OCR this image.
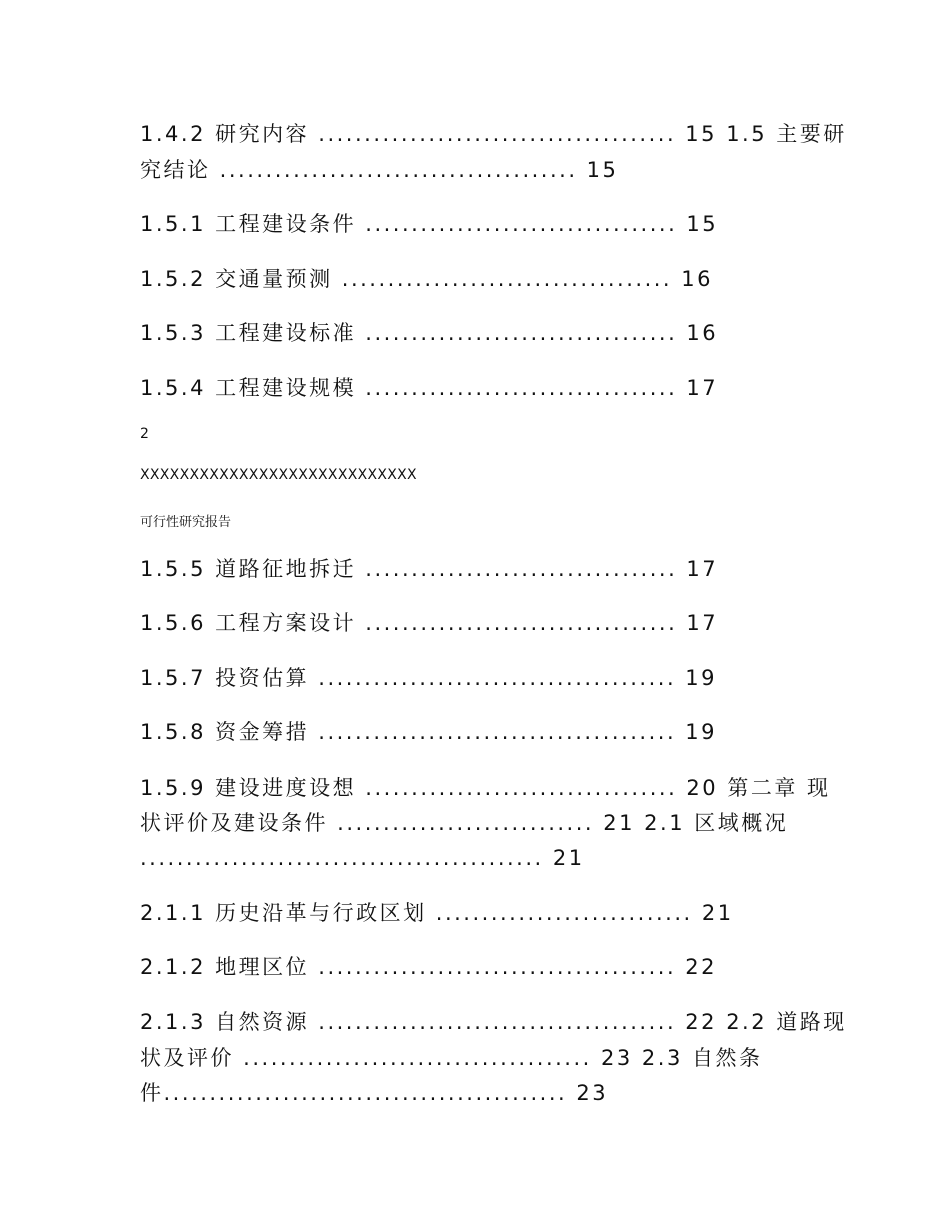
1.4.2 研究内容 ....................................... 15 1.5 主要研
究结论 ....................................... 15
1.5.1 工程建设条件 .................................. 15
1.5.2 交通量预测 .................................... 16
1.5.3 工程建设标准 .................................. 16
1.5.4 工程建设规模 .................................. 17
2
XXXXXXXXXXXXXXXXXXXXXXXXXXXX
可行性研究报告
1.5.5 道路征地拆迁 .................................. 17
1.5.6 工程方案设计 .................................. 17
1.5.7 投资估算 ....................................... 19
1.5.8 资金筹措 ....................................... 19
1.5.9 建设进度设想 .................................. 20 第二章 现
状评价及建设条件 ............................ 21 2.1 区域概况
............................................ 21
2.1.1 历史沿革与行政区划 ............................ 21
2.1.2 地理区位 ....................................... 22
2.1.3 自然资源 ....................................... 22 2.2 道路现
状及评价 ...................................... 23 2.3 自然条
件............................................ 23
